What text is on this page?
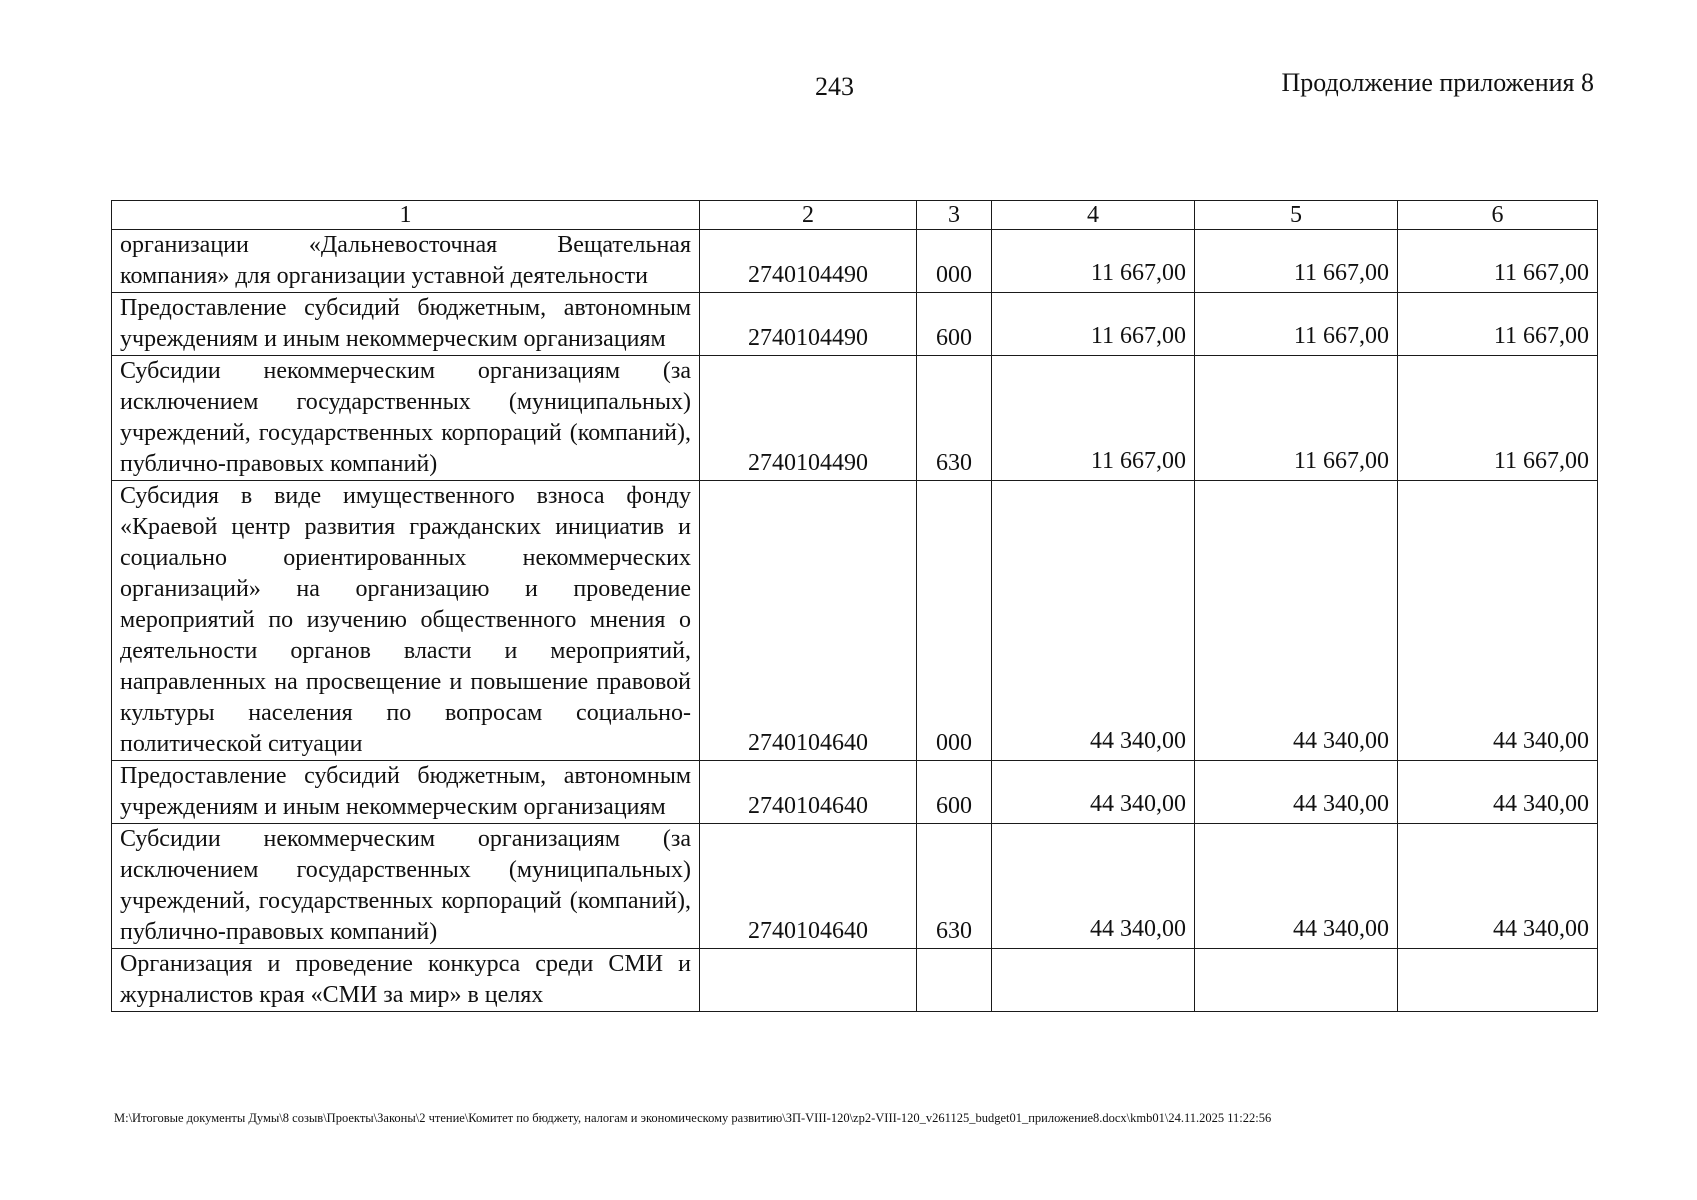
243	Продолжение приложения 8
1	2	3	4	5	6
организации «Дальневосточная Вещательная компания» для организации уставной деятельности	2740104490	000	11 667,00	11 667,00	11 667,00
Предоставление субсидий бюджетным, автономным учреждениям и иным некоммерческим организациям	2740104490	600	11 667,00	11 667,00	11 667,00
Субсидии некоммерческим организациям (за исключением государственных (муниципальных) учреждений, государственных корпораций (компаний), публично-правовых компаний)	2740104490	630	11 667,00	11 667,00	11 667,00
Субсидия в виде имущественного взноса фонду «Краевой центр развития гражданских инициатив и социально ориентированных некоммерческих организаций» на организацию и проведение мероприятий по изучению общественного мнения о деятельности органов власти и мероприятий, направленных на просвещение и повышение правовой культуры населения по вопросам социально-политической ситуации	2740104640	000	44 340,00	44 340,00	44 340,00
Предоставление субсидий бюджетным, автономным учреждениям и иным некоммерческим организациям	2740104640	600	44 340,00	44 340,00	44 340,00
Субсидии некоммерческим организациям (за исключением государственных (муниципальных) учреждений, государственных корпораций (компаний), публично-правовых компаний)	2740104640	630	44 340,00	44 340,00	44 340,00
Организация и проведение конкурса среди СМИ и журналистов края «СМИ за мир» в целях					
M:\Итоговые документы Думы\8 созыв\Проекты\Законы\2 чтение\Комитет по бюджету, налогам и экономическому развитию\ЗП-VIII-120\zp2-VIII-120_v261125_budget01_приложение8.docx\kmb01\24.11.2025 11:22:56
